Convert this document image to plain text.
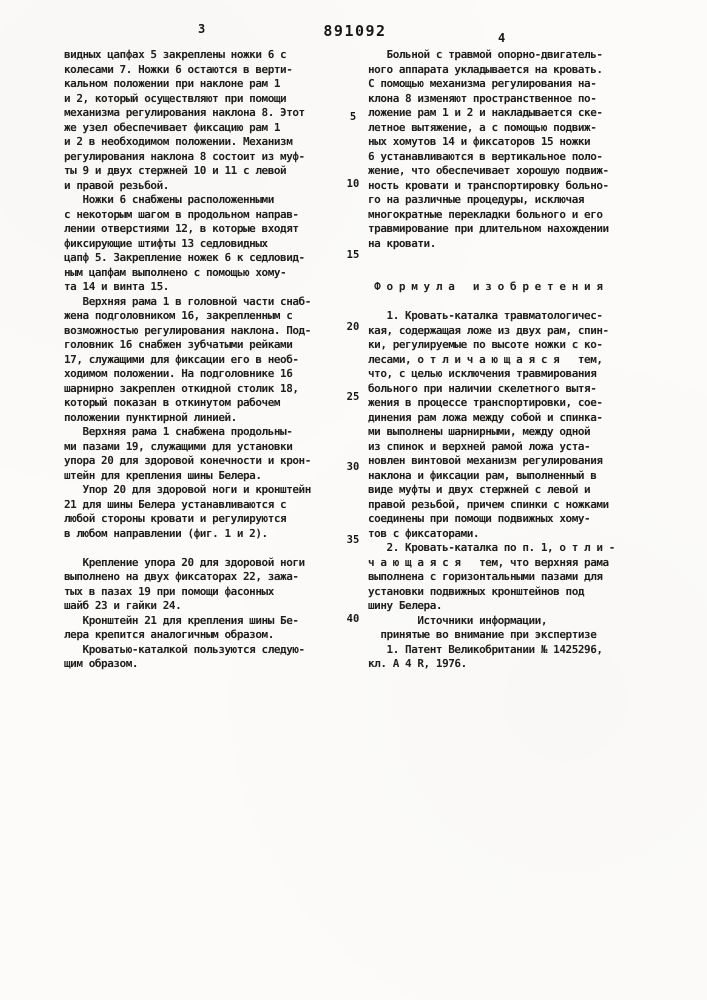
3	891092	4
видных цапфах 5 закреплены ножки 6 с
колесами 7. Ножки 6 остаются в верти-
кальном положении при наклоне рам 1
и 2, который осуществляют при помощи
механизма регулирования наклона 8. Этот
же узел обеспечивает фиксацию рам 1
и 2 в необходимом положении. Механизм
регулирования наклона 8 состоит из муф-
ты 9 и двух стержней 10 и 11 с левой
и правой резьбой.
Ножки 6 снабжены расположенными
с некоторым шагом в продольном направ-
лении отверстиями 12, в которые входят
фиксирующие штифты 13 седловидных
цапф 5. Закрепление ножек 6 к седловид-
ным цапфам выполнено с помощью хому-
та 14 и винта 15.
Верхняя рама 1 в головной части снаб-
жена подголовником 16, закрепленным с
возможностью регулирования наклона. Под-
головник 16 снабжен зубчатыми рейками
17, служащими для фиксации его в необ-
ходимом положении. На подголовнике 16
шарнирно закреплен откидной столик 18,
который показан в откинутом рабочем
положении пунктирной линией.
Верхняя рама 1 снабжена продольны-
ми пазами 19, служащими для установки
упора 20 для здоровой конечности и крон-
штейн для крепления шины Белера.
Упор 20 для здоровой ноги и кронштейн
21 для шины Белера устанавливаются с
любой стороны кровати и регулируются
в любом направлении (фиг. 1 и 2).

Крепление упора 20 для здоровой ноги
выполнено на двух фиксаторах 22, зажа-
тых в пазах 19 при помощи фасонных
шайб 23 и гайки 24.
Кронштейн 21 для крепления шины Бе-
лера крепится аналогичным образом.
Кроватью-каталкой пользуются следую-
щим образом.
Больной с травмой опорно-двигатель-
ного аппарата укладывается на кровать.
С помощью механизма регулирования на-
клона 8 изменяют пространственное по-
ложение рам 1 и 2 и накладывается ске-
летное вытяжение, а с помощью подвиж-
ных хомутов 14 и фиксаторов 15 ножки
6 устанавливаются в вертикальное поло-
жение, что обеспечивает хорошую подвиж-
ность кровати и транспортировку больно-
го на различные процедуры, исключая
многократные перекладки больного и его
травмирование при длительном нахождении
на кровати.

Ф о р м у л а   и з о б р е т е н и я

1. Кровать-каталка травматологичес-
кая, содержащая ложе из двух рам, спин-
ки, регулируемые по высоте ножки с ко-
лесами, о т л и ч а ю щ а я с я   тем,
что, с целью исключения травмирования
больного при наличии скелетного вытя-
жения в процессе транспортировки, сое-
динения рам ложа между собой и спинка-
ми выполнены шарнирными, между одной
из спинок и верхней рамой ложа уста-
новлен винтовой механизм регулирования
наклона и фиксации рам, выполненный в
виде муфты и двух стержней с левой и
правой резьбой, причем спинки с ножками
соединены при помощи подвижных хому-
тов с фиксаторами.
2. Кровать-каталка по п. 1, о т л и -
ч а ю щ а я с я   тем, что верхняя рама
выполнена с горизонтальными пазами для
установки подвижных кронштейнов под
шину Белера.
Источники информации,
принятые во внимание при экспертизе
1. Патент Великобритании № 1425296,
кл. A 4 R, 1976.
5
10
15
20
25
30
35
40
